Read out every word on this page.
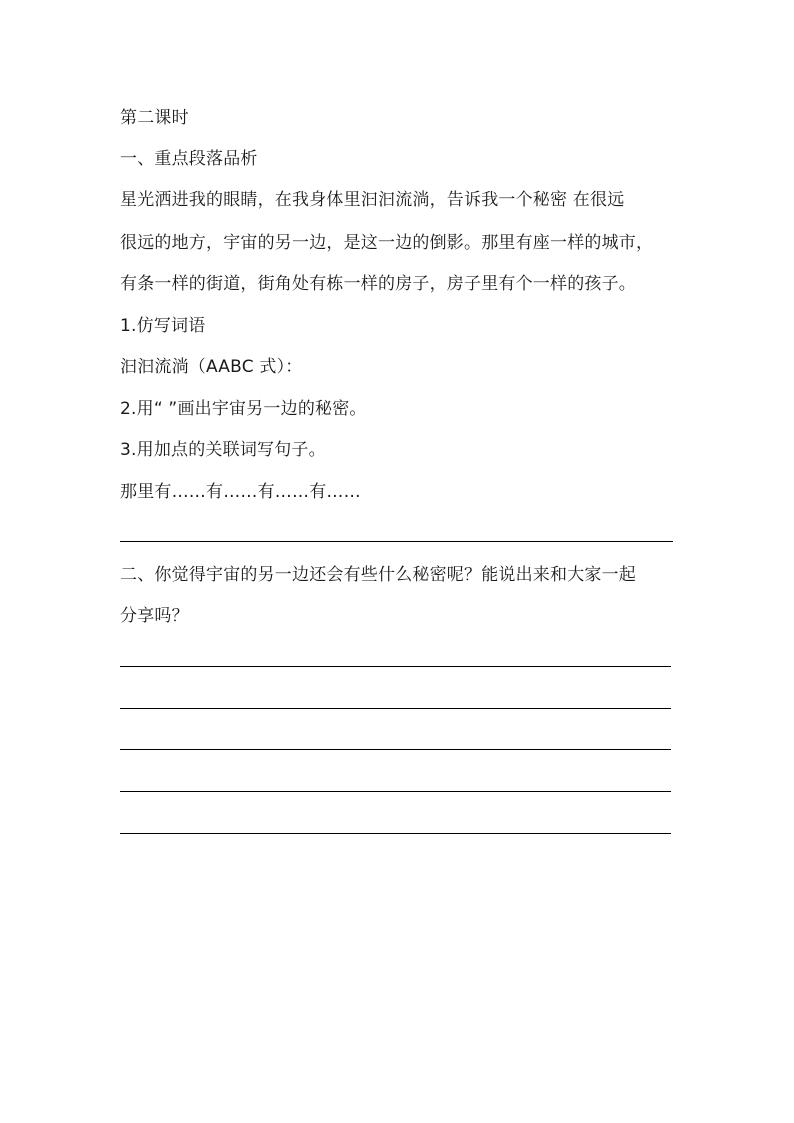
第二课时
一、重点段落品析
星光洒进我的眼睛，在我身体里汩汩流淌，告诉我一个秘密 在很远
很远的地方，宇宙的另一边，是这一边的倒影。那里有座一样的城市，
有条一样的街道，街角处有栋一样的房子，房子里有个一样的孩子。
1.仿写词语
汩汩流淌（AABC 式）：
2.用“ ”画出宇宙另一边的秘密。
3.用加点的关联词写句子。
那里有……有……有……有……
二、你觉得宇宙的另一边还会有些什么秘密呢？能说出来和大家一起
分享吗？
